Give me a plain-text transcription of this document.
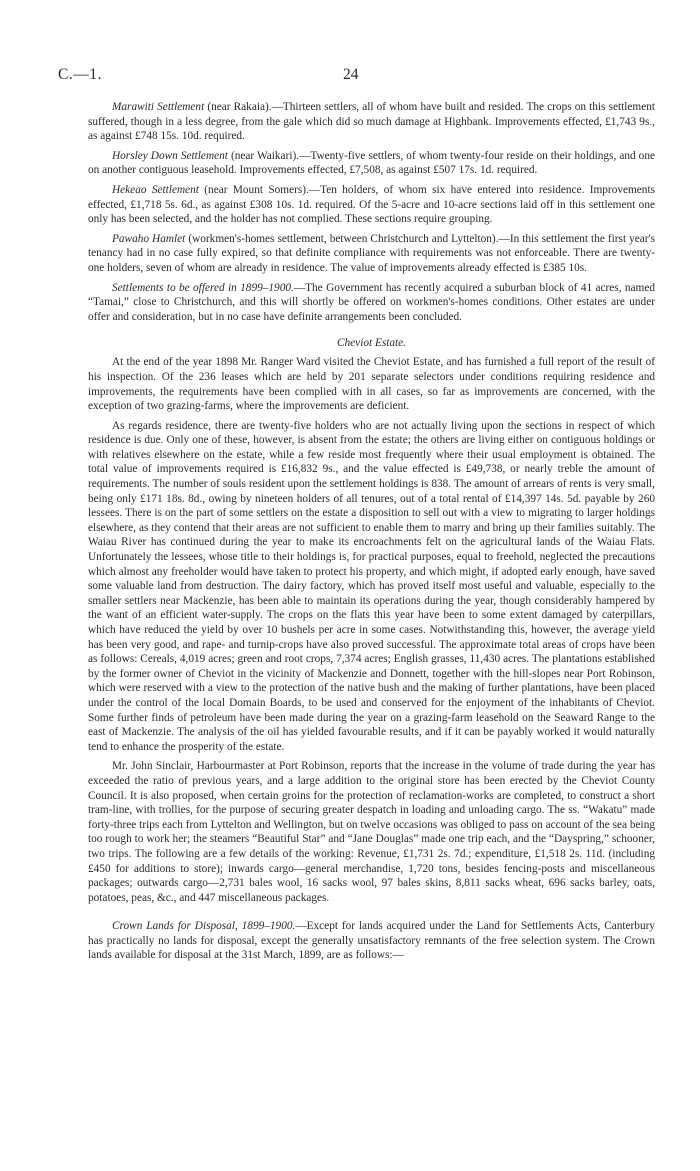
C.—1.	24

Marawiti Settlement (near Rakaia).—Thirteen settlers, all of whom have built and resided. The crops on this settlement suffered, though in a less degree, from the gale which did so much damage at Highbank. Improvements effected, £1,743 9s., as against £748 15s. 10d. required.

Horsley Down Settlement (near Waikari).—Twenty-five settlers, of whom twenty-four reside on their holdings, and one on another contiguous leasehold. Improvements effected, £7,508, as against £507 17s. 1d. required.

Hekeao Settlement (near Mount Somers).—Ten holders, of whom six have entered into residence. Improvements effected, £1,718 5s. 6d., as against £308 10s. 1d. required. Of the 5-acre and 10-acre sections laid off in this settlement one only has been selected, and the holder has not complied. These sections require grouping.

Pawaho Hamlet (workmen's-homes settlement, between Christchurch and Lyttelton).—In this settlement the first year's tenancy had in no case fully expired, so that definite compliance with requirements was not enforceable. There are twenty-one holders, seven of whom are already in residence. The value of improvements already effected is £385 10s.

Settlements to be offered in 1899–1900.—The Government has recently acquired a suburban block of 41 acres, named “Tamai,” close to Christchurch, and this will shortly be offered on workmen's-homes conditions. Other estates are under offer and consideration, but in no case have definite arrangements been concluded.

Cheviot Estate.

At the end of the year 1898 Mr. Ranger Ward visited the Cheviot Estate, and has furnished a full report of the result of his inspection. Of the 236 leases which are held by 201 separate selectors under conditions requiring residence and improvements, the requirements have been complied with in all cases, so far as improvements are concerned, with the exception of two grazing-farms, where the improvements are deficient.

As regards residence, there are twenty-five holders who are not actually living upon the sections in respect of which residence is due. Only one of these, however, is absent from the estate; the others are living either on contiguous holdings or with relatives elsewhere on the estate, while a few reside most frequently where their usual employment is obtained. The total value of improvements required is £16,832 9s., and the value effected is £49,738, or nearly treble the amount of requirements. The number of souls resident upon the settlement holdings is 838. The amount of arrears of rents is very small, being only £171 18s. 8d., owing by nineteen holders of all tenures, out of a total rental of £14,397 14s. 5d. payable by 260 lessees. There is on the part of some settlers on the estate a disposition to sell out with a view to migrating to larger holdings elsewhere, as they contend that their areas are not sufficient to enable them to marry and bring up their families suitably. The Waiau River has continued during the year to make its encroachments felt on the agricultural lands of the Waiau Flats. Unfortunately the lessees, whose title to their holdings is, for practical purposes, equal to freehold, neglected the precautions which almost any freeholder would have taken to protect his property, and which might, if adopted early enough, have saved some valuable land from destruction. The dairy factory, which has proved itself most useful and valuable, especially to the smaller settlers near Mackenzie, has been able to maintain its operations during the year, though considerably hampered by the want of an efficient water-supply. The crops on the flats this year have been to some extent damaged by caterpillars, which have reduced the yield by over 10 bushels per acre in some cases. Notwithstanding this, however, the average yield has been very good, and rape- and turnip-crops have also proved successful. The approximate total areas of crops have been as follows: Cereals, 4,019 acres; green and root crops, 7,374 acres; English grasses, 11,430 acres. The plantations established by the former owner of Cheviot in the vicinity of Mackenzie and Donnett, together with the hill-slopes near Port Robinson, which were reserved with a view to the protection of the native bush and the making of further plantations, have been placed under the control of the local Domain Boards, to be used and conserved for the enjoyment of the inhabitants of Cheviot. Some further finds of petroleum have been made during the year on a grazing-farm leasehold on the Seaward Range to the east of Mackenzie. The analysis of the oil has yielded favourable results, and if it can be payably worked it would naturally tend to enhance the prosperity of the estate.

Mr. John Sinclair, Harbourmaster at Port Robinson, reports that the increase in the volume of trade during the year has exceeded the ratio of previous years, and a large addition to the original store has been erected by the Cheviot County Council. It is also proposed, when certain groins for the protection of reclamation-works are completed, to construct a short tram-line, with trollies, for the purpose of securing greater despatch in loading and unloading cargo. The ss. “Wakatu” made forty-three trips each from Lyttelton and Wellington, but on twelve occasions was obliged to pass on account of the sea being too rough to work her; the steamers “Beautiful Star” and “Jane Douglas” made one trip each, and the “Dayspring,” schooner, two trips. The following are a few details of the working: Revenue, £1,731 2s. 7d.; expenditure, £1,518 2s. 11d. (including £450 for additions to store); inwards cargo—general merchandise, 1,720 tons, besides fencing-posts and miscellaneous packages; outwards cargo—2,731 bales wool, 16 sacks wool, 97 bales skins, 8,811 sacks wheat, 696 sacks barley, oats, potatoes, peas, &c., and 447 miscellaneous packages.

Crown Lands for Disposal, 1899–1900.—Except for lands acquired under the Land for Settlements Acts, Canterbury has practically no lands for disposal, except the generally unsatisfactory remnants of the free selection system. The Crown lands available for disposal at the 31st March, 1899, are as follows:—
